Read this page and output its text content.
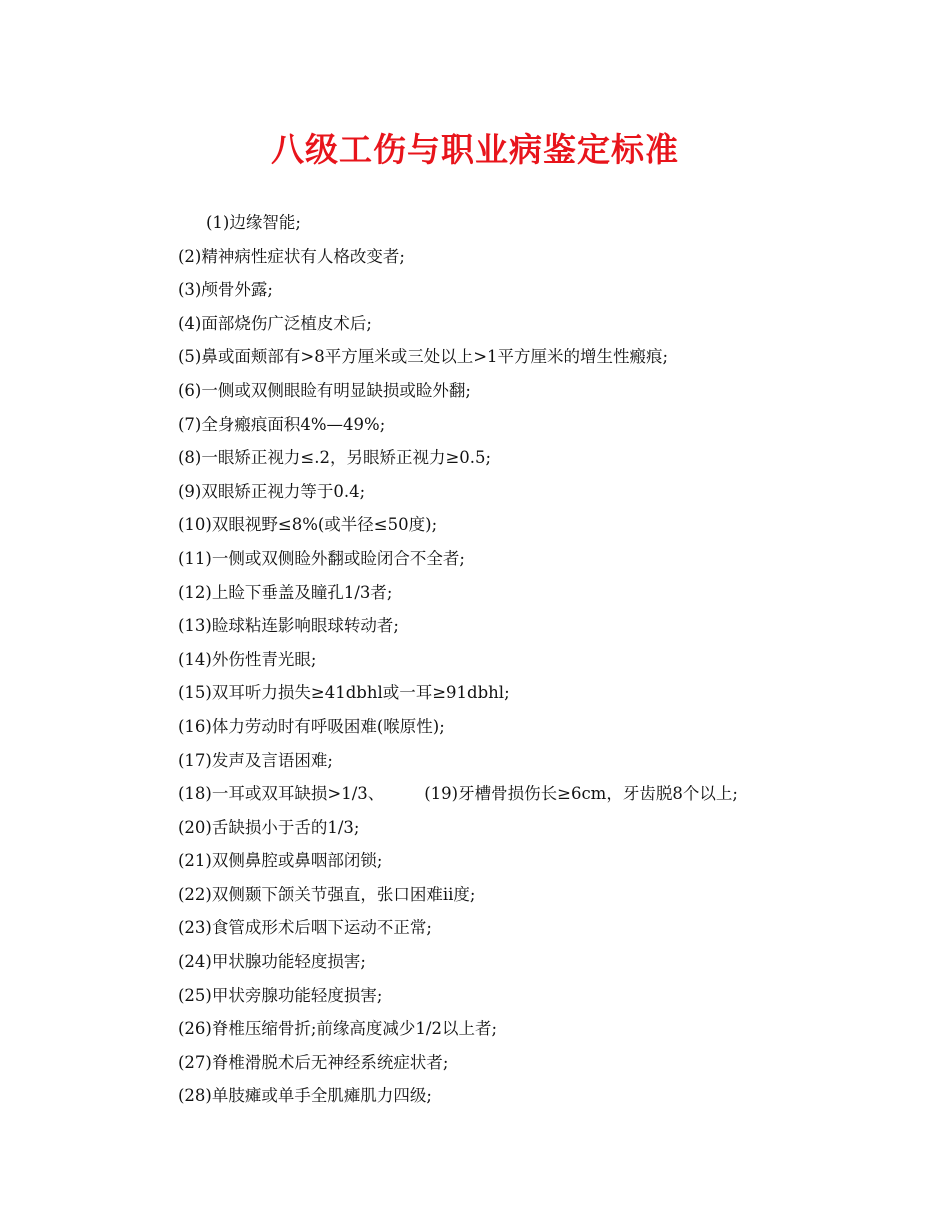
八级工伤与职业病鉴定标准
(1)边缘智能;
(2)精神病性症状有人格改变者;
(3)颅骨外露;
(4)面部烧伤广泛植皮术后;
(5)鼻或面颊部有>8平方厘米或三处以上>1平方厘米的增生性瘢痕;
(6)一侧或双侧眼睑有明显缺损或睑外翻;
(7)全身瘢痕面积4%—49%;
(8)一眼矫正视力≤.2，另眼矫正视力≥0.5;
(9)双眼矫正视力等于0.4;
(10)双眼视野≤8%(或半径≤50度);
(11)一侧或双侧睑外翻或睑闭合不全者;
(12)上睑下垂盖及瞳孔1/3者;
(13)睑球粘连影响眼球转动者;
(14)外伤性青光眼;
(15)双耳听力损失≥41dbhl或一耳≥91dbhl;
(16)体力劳动时有呼吸困难(喉原性);
(17)发声及言语困难;
(18)一耳或双耳缺损>1/3、 (19)牙槽骨损伤长≥6cm，牙齿脱8个以上;
(20)舌缺损小于舌的1/3;
(21)双侧鼻腔或鼻咽部闭锁;
(22)双侧颞下颌关节强直，张口困难ii度;
(23)食管成形术后咽下运动不正常;
(24)甲状腺功能轻度损害;
(25)甲状旁腺功能轻度损害;
(26)脊椎压缩骨折;前缘高度减少1/2以上者;
(27)脊椎滑脱术后无神经系统症状者;
(28)单肢瘫或单手全肌瘫肌力四级;
